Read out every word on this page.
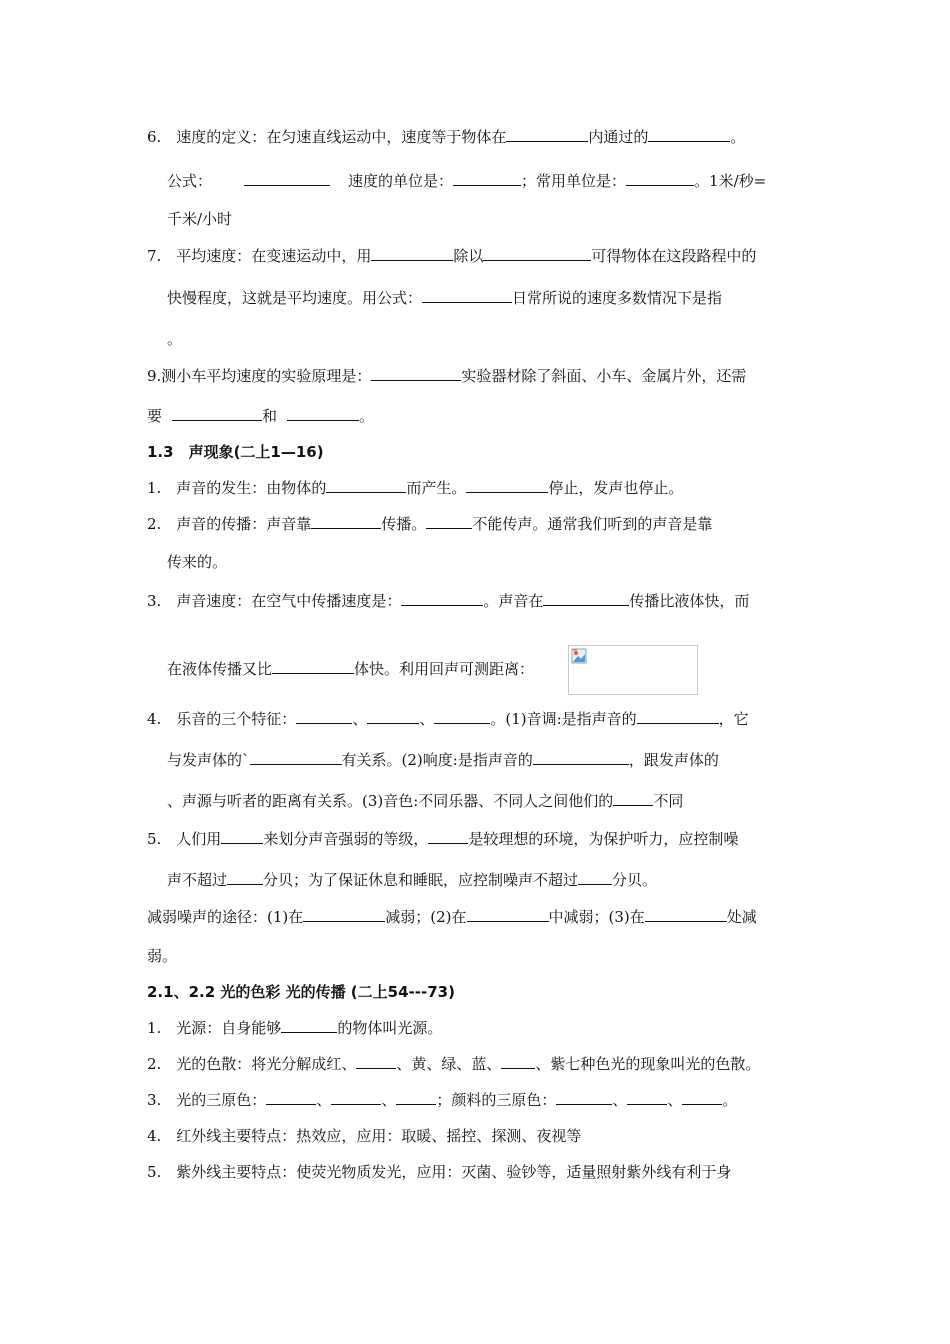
6.　速度的定义：在匀速直线运动中，速度等于物体在	内通过的	。
公式：	速度的单位是：	；常用单位是：	。1米/秒=
千米/小时
7.　平均速度：在变速运动中，用	除以	可得物体在这段路程中的
快慢程度，这就是平均速度。用公式：	日常所说的速度多数情况下是指
。
9.测小车平均速度的实验原理是：	实验器材除了斜面、小车、金属片外，还需
要	和	。
1.3　声现象(二上1—16)
1.　声音的发生：由物体的	而产生。	停止，发声也停止。
2.　声音的传播：声音靠	传播。	不能传声。通常我们听到的声音是靠
传来的。
3.　声音速度：在空气中传播速度是：	。声音在	传播比液体快，而
在液体传播又比	体快。利用回声可测距离：
4.　乐音的三个特征：	、	、	。(1)音调:是指声音的	，它
与发声体的`	有关系。(2)响度:是指声音的	，跟发声体的
、声源与听者的距离有关系。(3)音色:不同乐器、不同人之间他们的	不同
5.　人们用	来划分声音强弱的等级，	是较理想的环境，为保护听力，应控制噪
声不超过 分贝；为了保证休息和睡眠，应控制噪声不超过 分贝。
减弱噪声的途径：(1)在	减弱；(2)在	中减弱；(3)在	处减
弱。
2.1、2.2 光的色彩 光的传播 (二上54---73)
1.　光源：自身能够	的物体叫光源。
2.　光的色散：将光分解成红、	、黄、绿、蓝、 、紫七种色光的现象叫光的色散。
3.　光的三原色：	、	、	；颜料的三原色：	、	、	。
4.　红外线主要特点：热效应，应用：取暖、摇控、探测、夜视等
5.　紫外线主要特点：使荧光物质发光，应用：灭菌、验钞等，适量照射紫外线有利于身
